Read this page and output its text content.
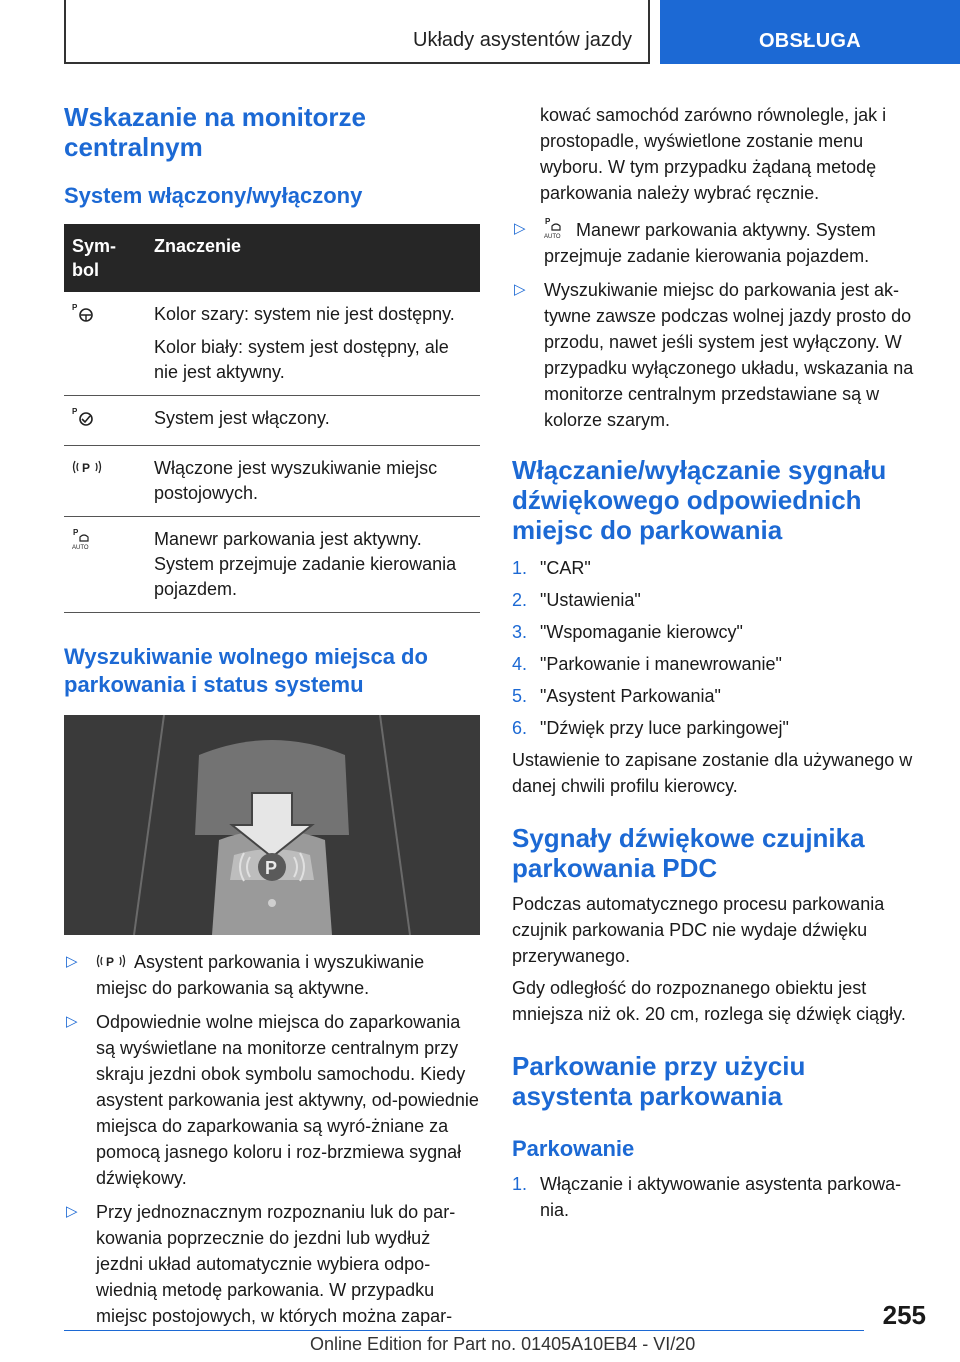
Układy asystentów jazdy	OBSŁUGA
Wskazanie na monitorze centralnym
System włączony/wyłączony
Sym-bol	Znaczenie

P	Kolor szary: system nie jest dostępny.

Kolor biały: system jest dostępny, ale nie jest aktywny.

P	System jest włączony.

P	Włączone jest wyszukiwanie miejsc postojowych.

P
AUTO	Manewr parkowania jest aktywny. System przejmuje zadanie kierowania pojazdem.

Wyszukiwanie wolnego miejsca do parkowania i status systemu
P
▷ P Asystent parkowania i wyszukiwanie miejsc do parkowania są aktywne.
▷ Odpowiednie wolne miejsca do zaparkowania są wyświetlane na monitorze centralnym przy skraju jezdni obok symbolu samochodu. Kiedy asystent parkowania jest aktywny, od-powiednie miejsca do zaparkowania są wyró-żniane za pomocą jasnego koloru i roz-brzmiewa sygnał dźwiękowy.
▷ Przy jednoznacznym rozpoznaniu luk do par-kowania poprzecznie do jezdni lub wydłuż jezdni układ automatycznie wybiera odpo-wiednią metodę parkowania. W przypadku miejsc postojowych, w których można zapar-

kować samochód zarówno równolegle, jak i prostopadle, wyświetlone zostanie menu wyboru. W tym przypadku żądaną metodę parkowania należy wybrać ręcznie.

▷ P
AUTO Manewr parkowania aktywny. System przejmuje zadanie kierowania pojazdem.
▷ Wyszukiwanie miejsc do parkowania jest ak-tywne zawsze podczas wolnej jazdy prosto do przodu, nawet jeśli system jest wyłączony. W przypadku wyłączonego układu, wskazania na monitorze centralnym przedstawiane są w kolorze szarym.
Włączanie/wyłączanie sygnału dźwiękowego odpowiednich miejsc do parkowania
1. "CAR"
2. "Ustawienia"
3. "Wspomaganie kierowcy"
4. "Parkowanie i manewrowanie"
5. "Asystent Parkowania"
6. "Dźwięk przy luce parkingowej"

Ustawienie to zapisane zostanie dla używanego w danej chwili profilu kierowcy.

Sygnały dźwiękowe czujnika parkowania PDC

Podczas automatycznego procesu parkowania czujnik parkowania PDC nie wydaje dźwięku przerywanego.

Gdy odległość do rozpoznanego obiektu jest mniejsza niż ok. 20 cm, rozlega się dźwięk ciągły.

Parkowanie przy użyciu asystenta parkowania
Parkowanie
1. Włączanie i aktywowanie asystenta parkowa-nia.
255
Online Edition for Part no. 01405A10EB4 - VI/20
